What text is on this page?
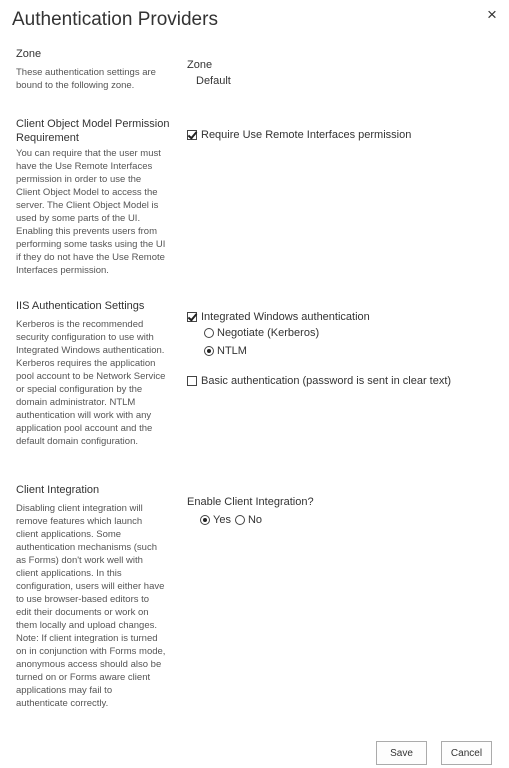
Authentication Providers	×
Zone
These authentication settings are bound to the following zone.
Zone
Default
Client Object Model Permission Requirement
You can require that the user must have the Use Remote Interfaces permission in order to use the Client Object Model to access the server. The Client Object Model is used by some parts of the UI. Enabling this prevents users from performing some tasks using the UI if they do not have the Use Remote Interfaces permission.
Require Use Remote Interfaces permission
IIS Authentication Settings
Kerberos is the recommended security configuration to use with Integrated Windows authentication. Kerberos requires the application pool account to be Network Service or special configuration by the domain administrator. NTLM authentication will work with any application pool account and the default domain configuration.
Integrated Windows authentication
Negotiate (Kerberos)
NTLM
Basic authentication (password is sent in clear text)
Client Integration
Disabling client integration will remove features which launch client applications. Some authentication mechanisms (such as Forms) don't work well with client applications. In this configuration, users will either have to use browser-based editors to edit their documents or work on them locally and upload changes. Note: If client integration is turned on in conjunction with Forms mode, anonymous access should also be turned on or Forms aware client applications may fail to authenticate correctly.
Enable Client Integration?
Yes No
Save	Cancel
